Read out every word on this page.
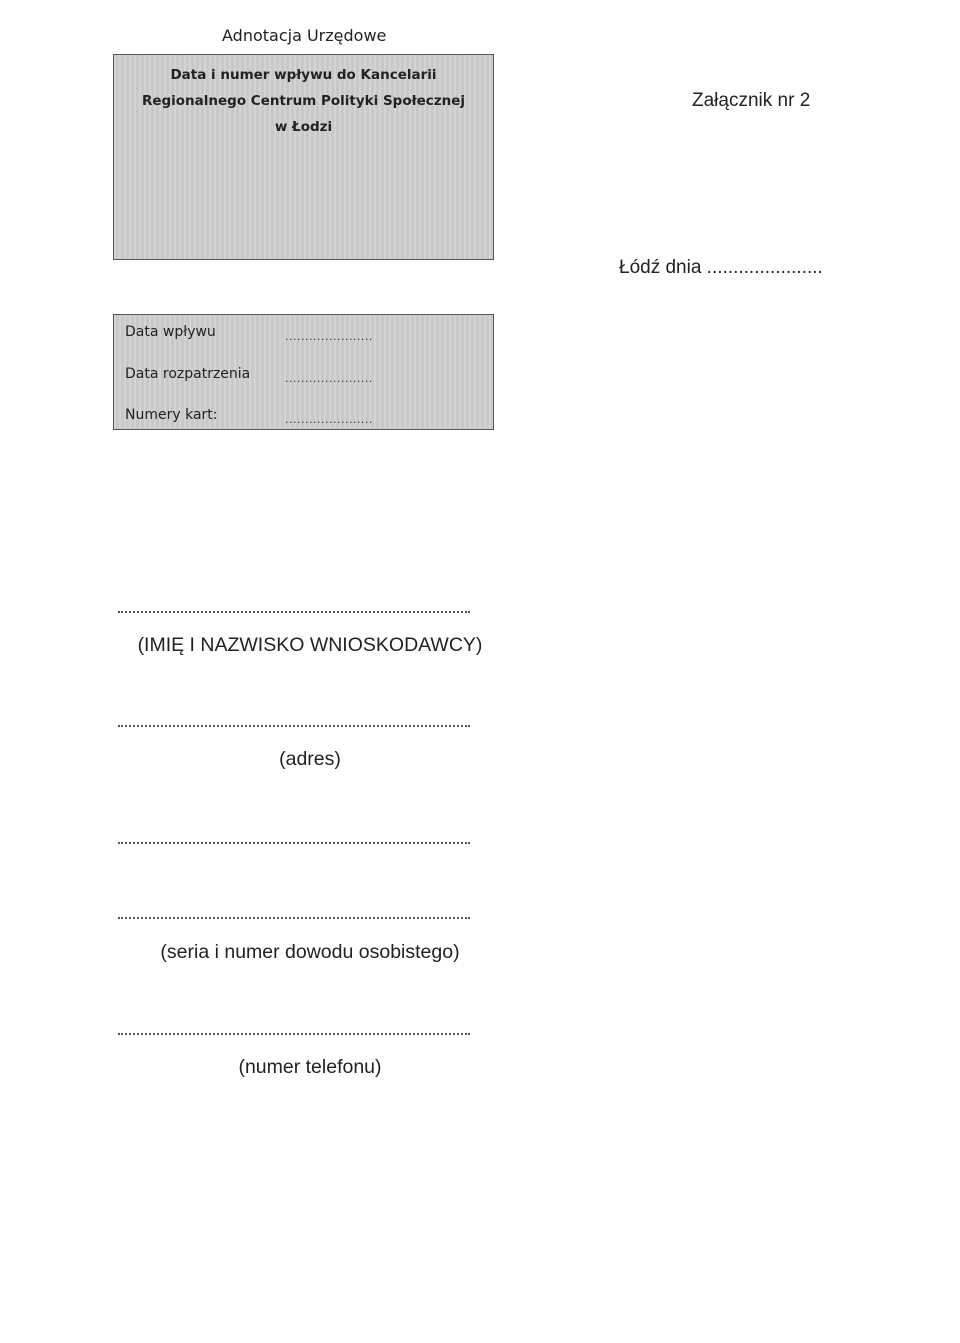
Adnotacja Urzędowe
Data i numer wpływu do Kancelarii
Regionalnego Centrum Polityki Społecznej
w Łodzi
Załącznik nr 2
Łódź dnia ......................
Data wpływu	......................
Data rozpatrzenia	......................
Numery kart:	......................
(IMIĘ I NAZWISKO WNIOSKODAWCY)
(adres)
(seria i numer dowodu osobistego)
(numer telefonu)
